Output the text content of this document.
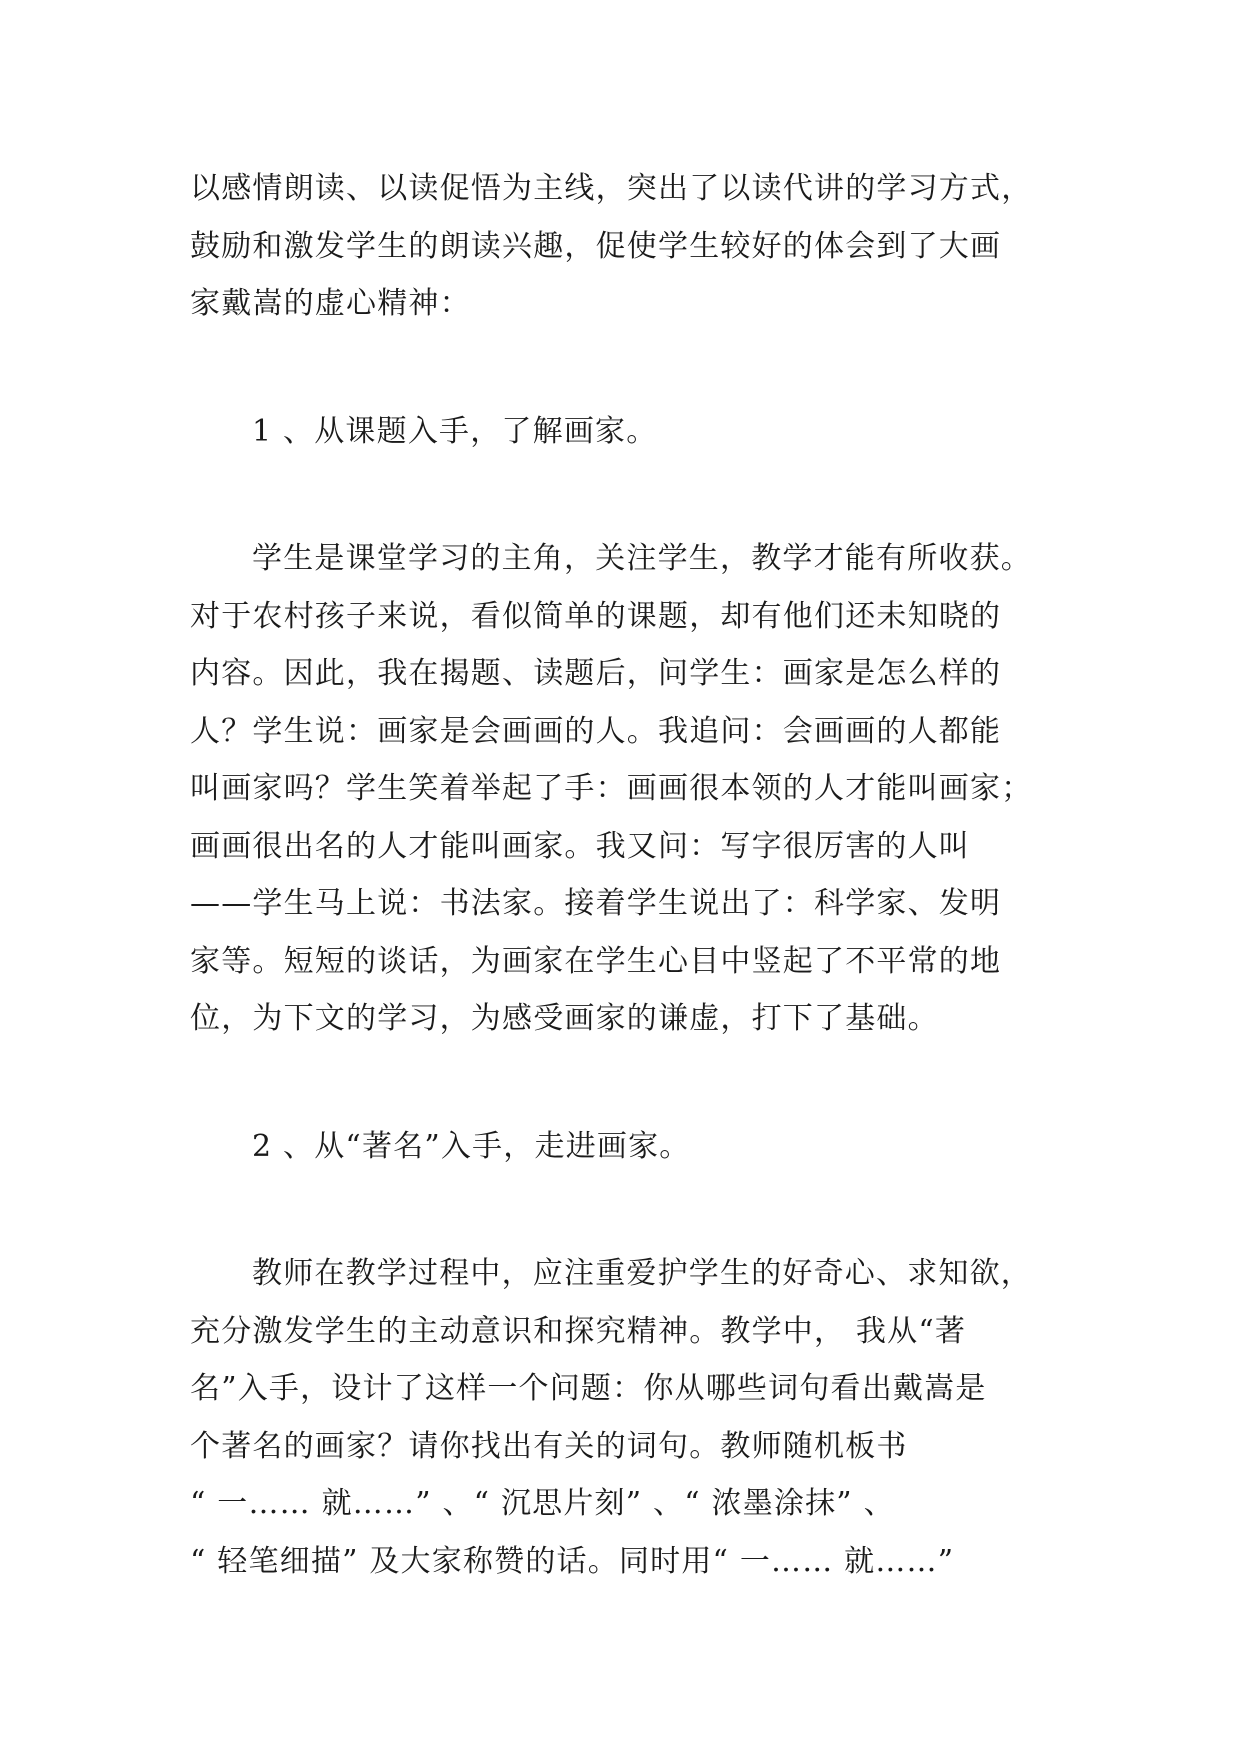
以感情朗读、以读促悟为主线，突出了以读代讲的学习方式，
鼓励和激发学生的朗读兴趣，促使学生较好的体会到了大画
家戴嵩的虚心精神：

1 、从课题入手，了解画家。

学生是课堂学习的主角，关注学生，教学才能有所收获。
对于农村孩子来说，看似简单的课题，却有他们还未知晓的
内容。因此，我在揭题、读题后，问学生：画家是怎么样的
人？学生说：画家是会画画的人。我追问：会画画的人都能
叫画家吗？学生笑着举起了手：画画很本领的人才能叫画家；
画画很出名的人才能叫画家。我又问：写字很厉害的人叫
——学生马上说：书法家。接着学生说出了：科学家、发明
家等。短短的谈话，为画家在学生心目中竖起了不平常的地
位，为下文的学习，为感受画家的谦虚，打下了基础。

2 、从“著名”入手，走进画家。

教师在教学过程中，应注重爱护学生的好奇心、求知欲，
充分激发学生的主动意识和探究精神。教学中， 我从“著
名”入手，设计了这样一个问题：你从哪些词句看出戴嵩是
个著名的画家？请你找出有关的词句。教师随机板书
“ 一…… 就……” 、“ 沉思片刻” 、“ 浓墨涂抹” 、
“ 轻笔细描” 及大家称赞的话。同时用“ 一…… 就……”
